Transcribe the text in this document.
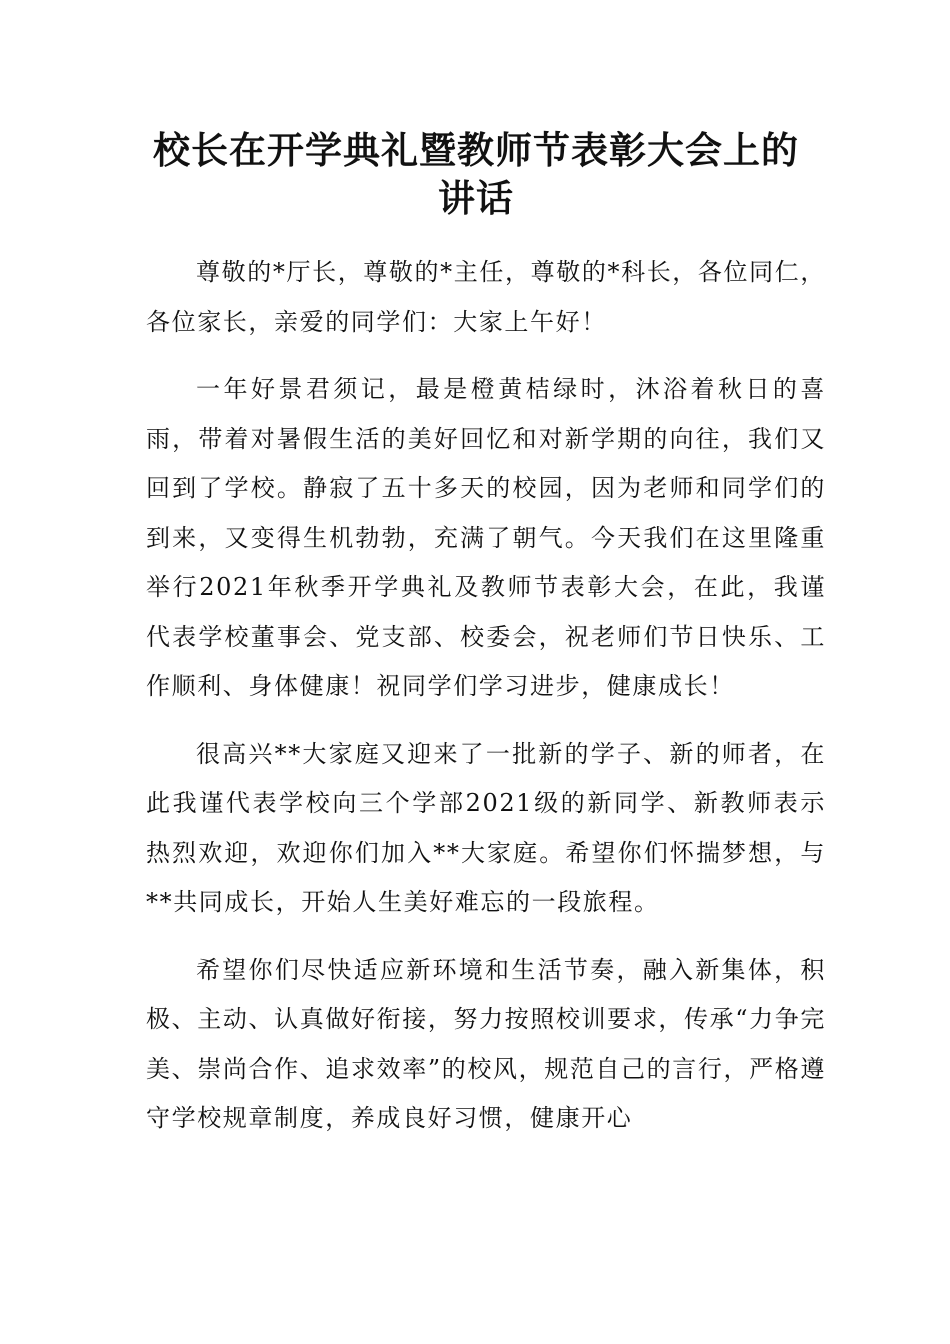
校长在开学典礼暨教师节表彰大会上的
讲话

尊敬的*厅长，尊敬的*主任，尊敬的*科长，各位同仁，各位家长，亲爱的同学们：大家上午好！

一年好景君须记，最是橙黄桔绿时，沐浴着秋日的喜雨，带着对暑假生活的美好回忆和对新学期的向往，我们又回到了学校。静寂了五十多天的校园，因为老师和同学们的到来，又变得生机勃勃，充满了朝气。今天我们在这里隆重举行2021年秋季开学典礼及教师节表彰大会，在此，我谨代表学校董事会、党支部、校委会，祝老师们节日快乐、工作顺利、身体健康！祝同学们学习进步，健康成长！

很高兴**大家庭又迎来了一批新的学子、新的师者，在此我谨代表学校向三个学部2021级的新同学、新教师表示热烈欢迎，欢迎你们加入**大家庭。希望你们怀揣梦想，与**共同成长，开始人生美好难忘的一段旅程。

希望你们尽快适应新环境和生活节奏，融入新集体，积极、主动、认真做好衔接，努力按照校训要求，传承“力争完美、崇尚合作、追求效率”的校风，规范自己的言行，严格遵守学校规章制度，养成良好习惯，健康开心
